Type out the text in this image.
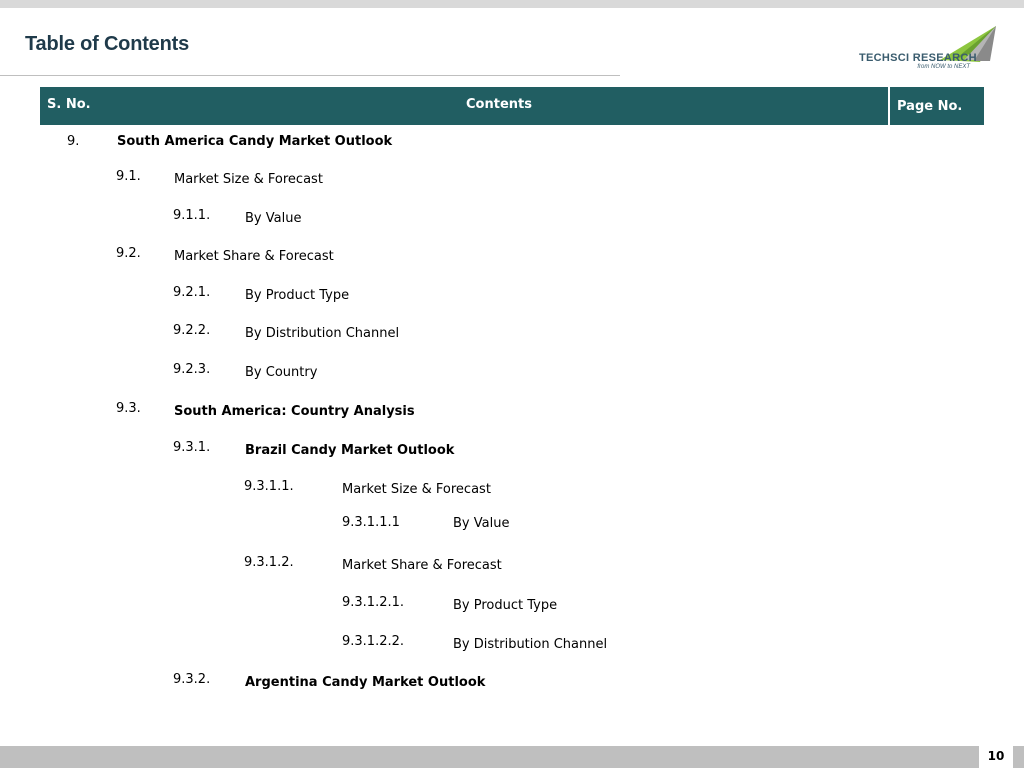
Table of Contents
TECHSCI RESEARCH
from NOW to NEXT
S. No.	Contents	Page No.
9.	South America Candy Market Outlook
9.1.	Market Size & Forecast
9.1.1.	By Value
9.2.	Market Share & Forecast
9.2.1.	By Product Type
9.2.2.	By Distribution Channel
9.2.3.	By Country
9.3.	South America: Country Analysis
9.3.1.	Brazil Candy Market Outlook
9.3.1.1.	Market Size & Forecast
9.3.1.1.1	By Value
9.3.1.2.	Market Share & Forecast
9.3.1.2.1.	By Product Type
9.3.1.2.2.	By Distribution Channel
9.3.2.	Argentina Candy Market Outlook
10
